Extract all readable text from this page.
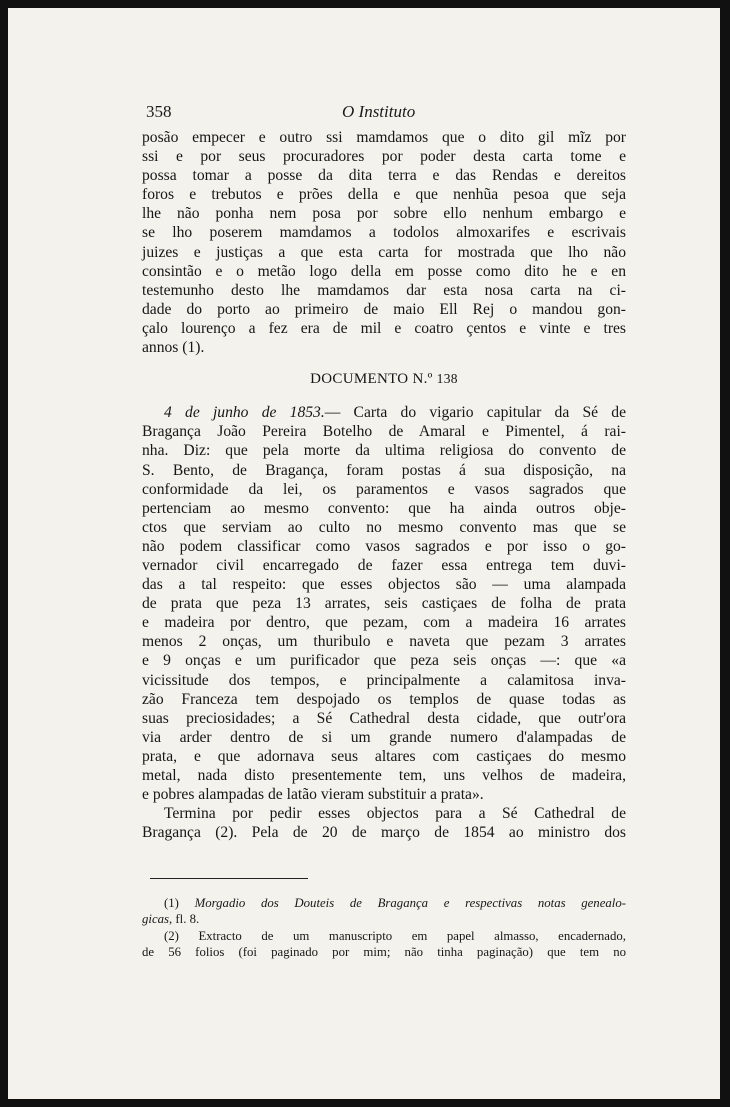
358	O Instituto
posão empecer e outro ssi mamdamos que o dito gil mĩz por
ssi e por seus procuradores por poder desta carta tome e
possa tomar a posse da dita terra e das Rendas e dereitos
foros e trebutos e prões della e que nenhũa pesoa que seja
lhe não ponha nem posa por sobre ello nenhum embargo e
se lho poserem mamdamos a todolos almoxarifes e escrivais
juizes e justiças a que esta carta for mostrada que lho não
consintão e o metão logo della em posse como dito he e en
testemunho desto lhe mamdamos dar esta nosa carta na ci-
dade do porto ao primeiro de maio Ell Rej o mandou gon-
çalo lourenço a fez era de mil e coatro çentos e vinte e tres
annos (1).
DOCUMENTO N.º 138
4 de junho de 1853.— Carta do vigario capitular da Sé de
Bragança João Pereira Botelho de Amaral e Pimentel, á rai-
nha. Diz: que pela morte da ultima religiosa do convento de
S. Bento, de Bragança, foram postas á sua disposição, na
conformidade da lei, os paramentos e vasos sagrados que
pertenciam ao mesmo convento: que ha ainda outros obje-
ctos que serviam ao culto no mesmo convento mas que se
não podem classificar como vasos sagrados e por isso o go-
vernador civil encarregado de fazer essa entrega tem duvi-
das a tal respeito: que esses objectos são — uma alampada
de prata que peza 13 arrates, seis castiçaes de folha de prata
e madeira por dentro, que pezam, com a madeira 16 arrates
menos 2 onças, um thuribulo e naveta que pezam 3 arrates
e 9 onças e um purificador que peza seis onças —: que «a
vicissitude dos tempos, e principalmente a calamitosa inva-
zão Franceza tem despojado os templos de quase todas as
suas preciosidades; a Sé Cathedral desta cidade, que outr'ora
via arder dentro de si um grande numero d'alampadas de
prata, e que adornava seus altares com castiçaes do mesmo
metal, nada disto presentemente tem, uns velhos de madeira,
e pobres alampadas de latão vieram substituir a prata».
Termina por pedir esses objectos para a Sé Cathedral de
Bragança (2). Pela de 20 de março de 1854 ao ministro dos
(1) Morgadio dos Douteis de Bragança e respectivas notas genealo-
gicas, fl. 8.
(2) Extracto de um manuscripto em papel almasso, encadernado,
de 56 folios (foi paginado por mim; não tinha paginação) que tem no
